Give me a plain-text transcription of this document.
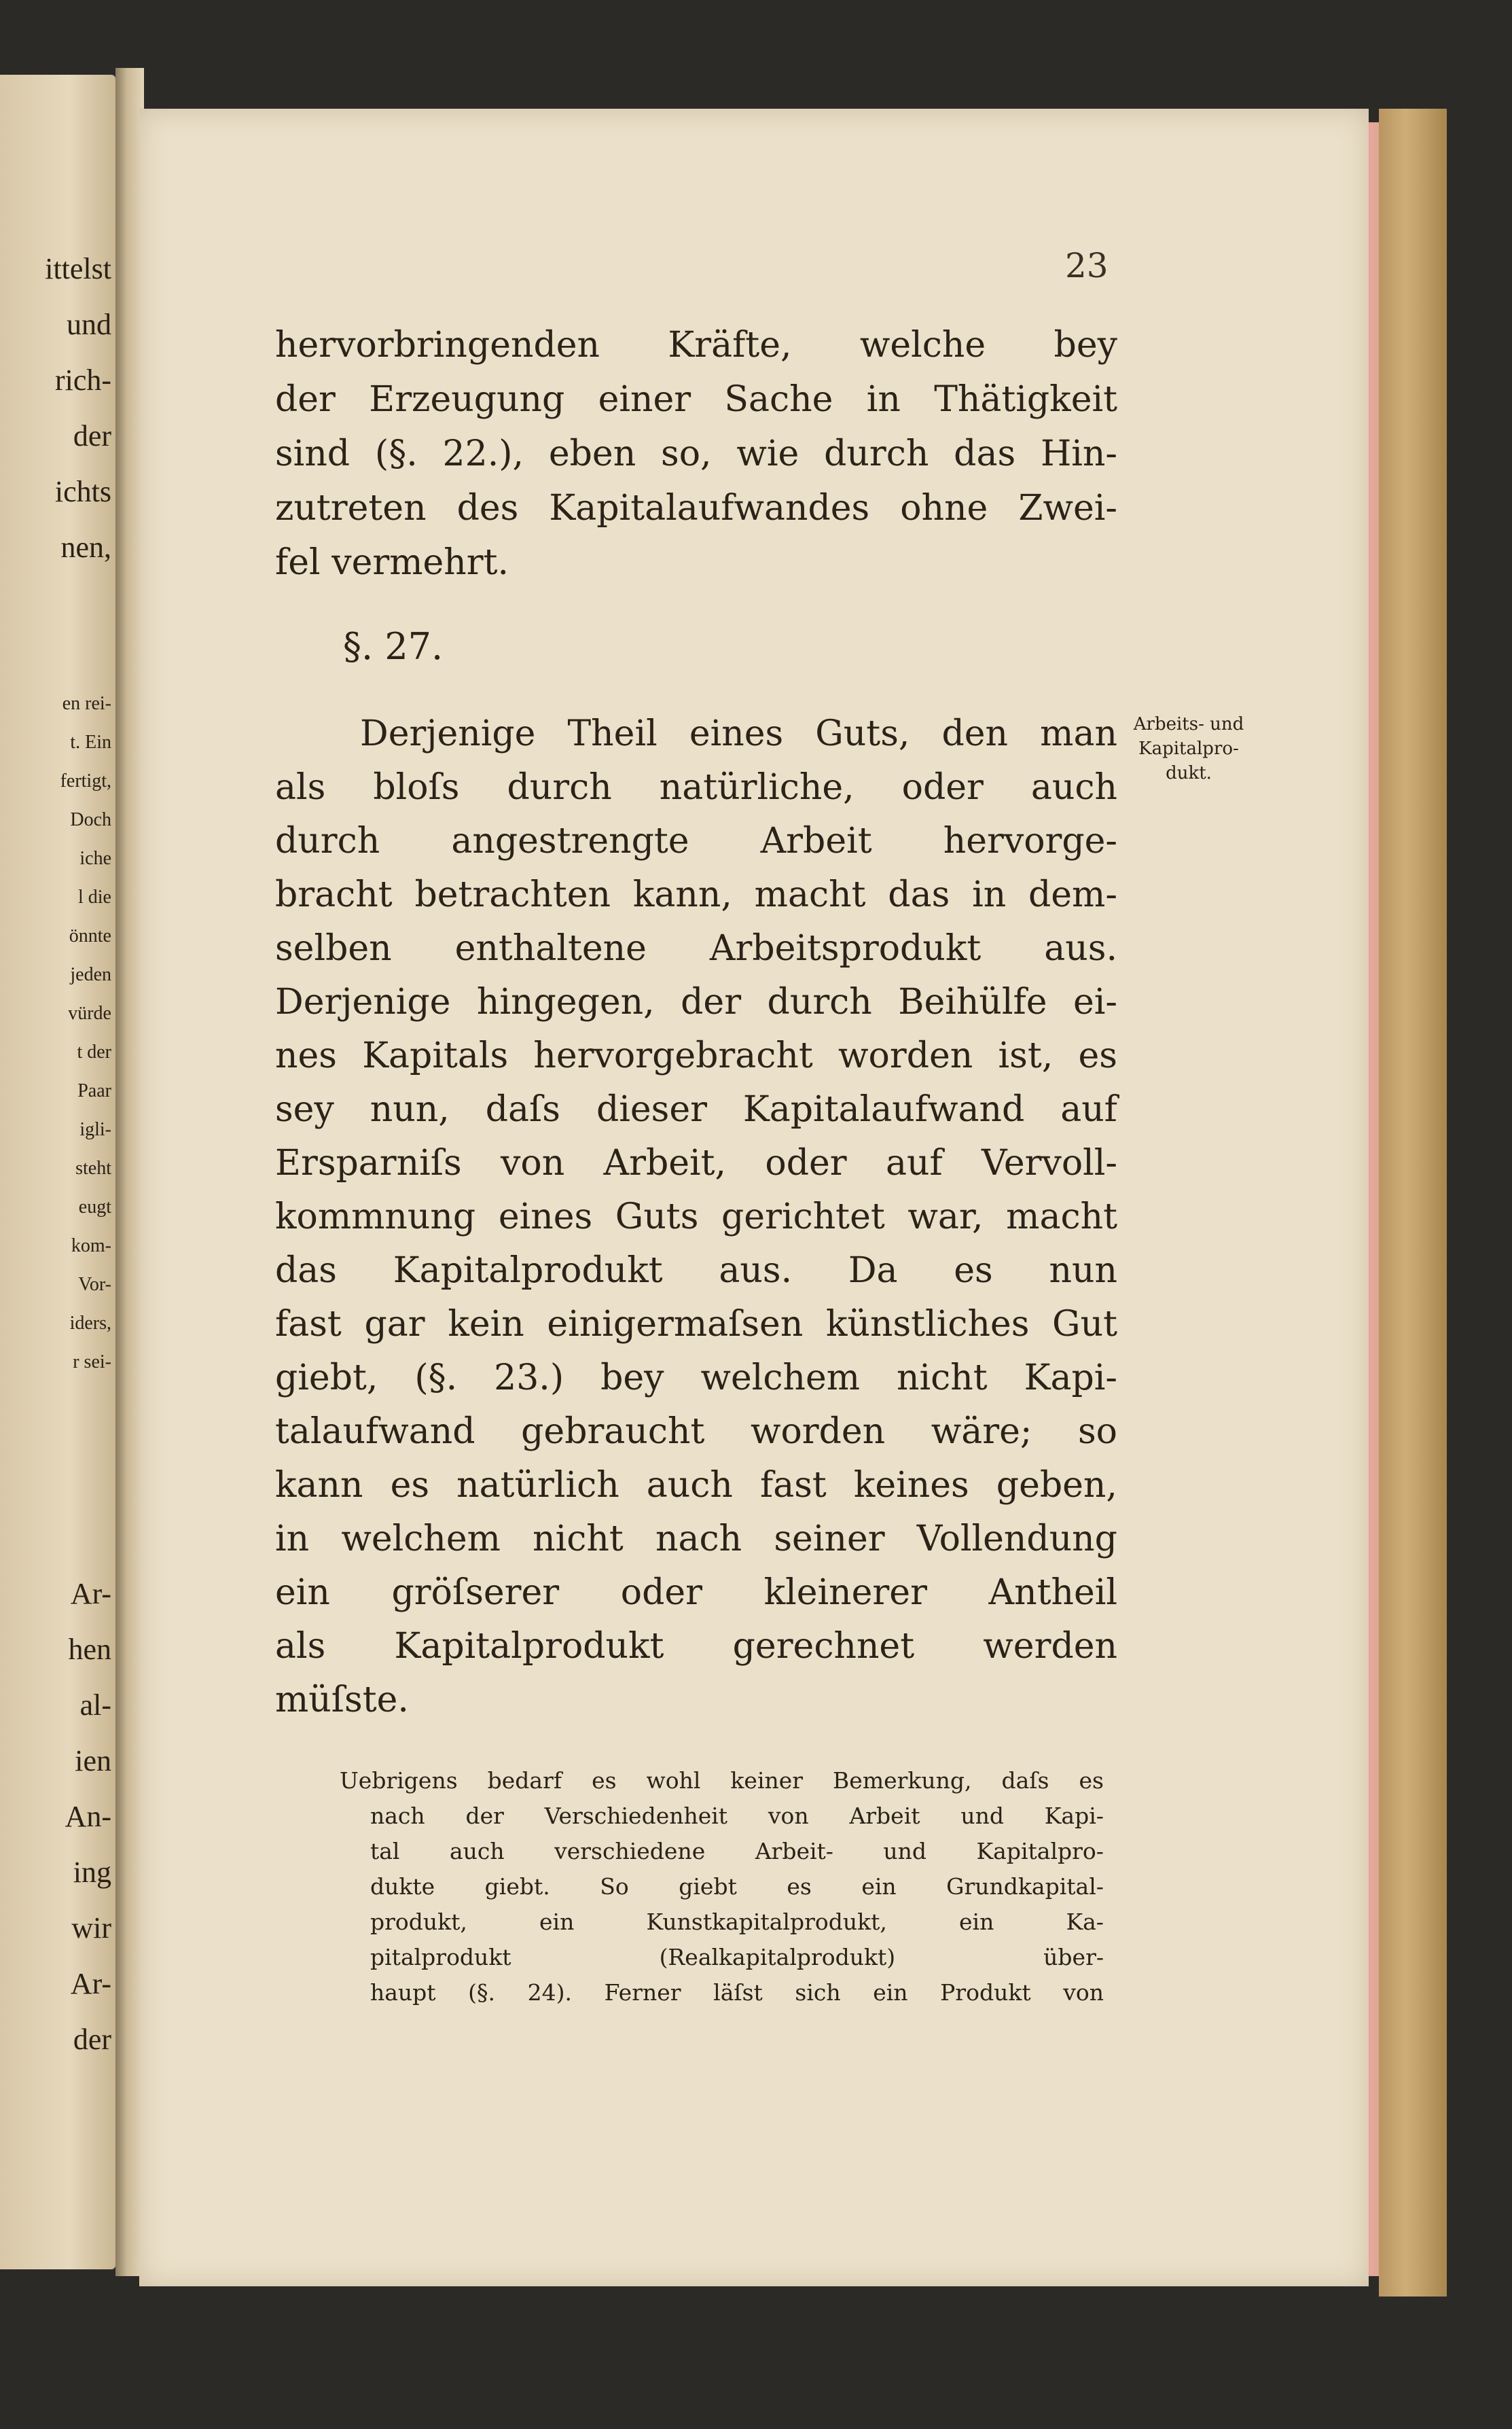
ittelst
und
rich-
der
ichts
nen,
en rei-
t. Ein
fertigt,
Doch
iche
l die
önnte
jeden
vürde
t der
Paar
igli-
steht
eugt
kom-
Vor-
iders,
r sei-
Ar-
hen
al-
ien
An-
ing
wir
Ar-
der
23
hervorbringenden Kräfte, welche bey
der Erzeugung einer Sache in Thätigkeit
sind (§. 22.), eben so, wie durch das Hin-
zutreten des Kapitalaufwandes ohne Zwei-
fel vermehrt.
Derjenige Theil eines Guts, den man
als bloſs durch natürliche, oder auch
durch angestrengte Arbeit hervorge-
bracht betrachten kann, macht das in dem-
selben enthaltene Arbeitsprodukt aus.
Derjenige hingegen, der durch Beihülfe ei-
nes Kapitals hervorgebracht worden ist, es
sey nun, daſs dieser Kapitalaufwand auf
Ersparniſs von Arbeit, oder auf Vervoll-
kommnung eines Guts gerichtet war, macht
das Kapitalprodukt aus. Da es nun
fast gar kein einigermaſsen künstliches Gut
giebt, (§. 23.) bey welchem nicht Kapi-
talaufwand gebraucht worden wäre; so
kann es natürlich auch fast keines geben,
in welchem nicht nach seiner Vollendung
ein gröſserer oder kleinerer Antheil
als Kapitalprodukt gerechnet werden
müſste.
Uebrigens bedarf es wohl keiner Bemerkung, daſs es
nach der Verschiedenheit von Arbeit und Kapi-
tal auch verschiedene Arbeit- und Kapitalpro-
dukte giebt. So giebt es ein Grundkapital-
produkt,	ein	Kunstkapitalprodukt,	ein	Ka-
pitalprodukt	(Realkapitalprodukt)	über-
haupt (§. 24). Ferner läſst sich ein Produkt von
§. 27.
Arbeits- und
Kapitalpro-
dukt.
